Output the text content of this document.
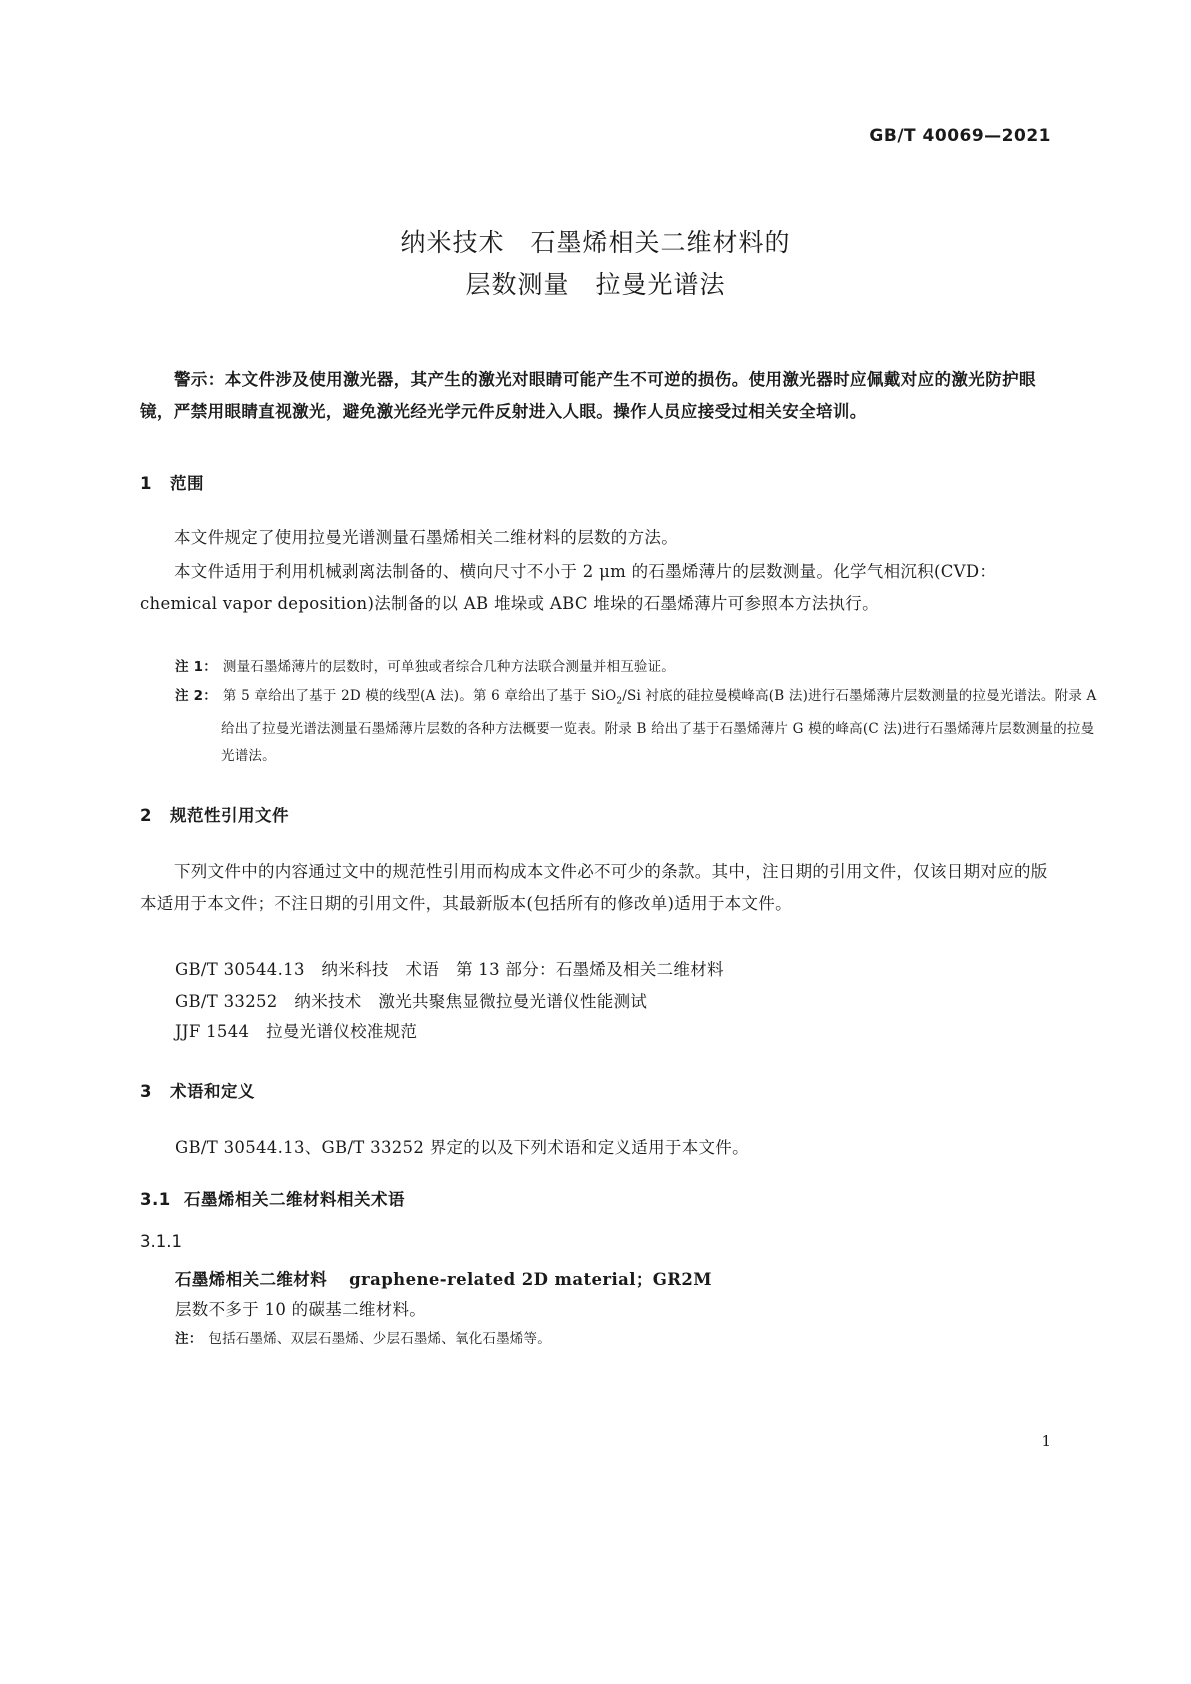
GB/T 40069—2021
纳米技术　石墨烯相关二维材料的
层数测量　拉曼光谱法
警示：本文件涉及使用激光器，其产生的激光对眼睛可能产生不可逆的损伤。使用激光器时应佩戴对应的激光防护眼镜，严禁用眼睛直视激光，避免激光经光学元件反射进入人眼。操作人员应接受过相关安全培训。
1 范围
本文件规定了使用拉曼光谱测量石墨烯相关二维材料的层数的方法。
本文件适用于利用机械剥离法制备的、横向尺寸不小于 2 μm 的石墨烯薄片的层数测量。化学气相沉积(CVD：chemical vapor deposition)法制备的以 AB 堆垛或 ABC 堆垛的石墨烯薄片可参照本方法执行。
注 1： 测量石墨烯薄片的层数时，可单独或者综合几种方法联合测量并相互验证。
注 2： 第 5 章给出了基于 2D 模的线型(A 法)。第 6 章给出了基于 SiO$_2$/Si 衬底的硅拉曼模峰高(B 法)进行石墨烯薄片层数测量的拉曼光谱法。附录 A 给出了拉曼光谱法测量石墨烯薄片层数的各种方法概要一览表。附录 B 给出了基于石墨烯薄片 G 模的峰高(C 法)进行石墨烯薄片层数测量的拉曼光谱法。
2 规范性引用文件
下列文件中的内容通过文中的规范性引用而构成本文件必不可少的条款。其中，注日期的引用文件，仅该日期对应的版本适用于本文件；不注日期的引用文件，其最新版本(包括所有的修改单)适用于本文件。
GB/T 30544.13　纳米科技　术语　第 13 部分：石墨烯及相关二维材料
GB/T 33252　纳米技术　激光共聚焦显微拉曼光谱仪性能测试
JJF 1544　拉曼光谱仪校准规范
3 术语和定义
GB/T 30544.13、GB/T 33252 界定的以及下列术语和定义适用于本文件。
3.1 石墨烯相关二维材料相关术语
3.1.1
石墨烯相关二维材料 graphene-related 2D material；GR2M
层数不多于 10 的碳基二维材料。
注： 包括石墨烯、双层石墨烯、少层石墨烯、氧化石墨烯等。
1
